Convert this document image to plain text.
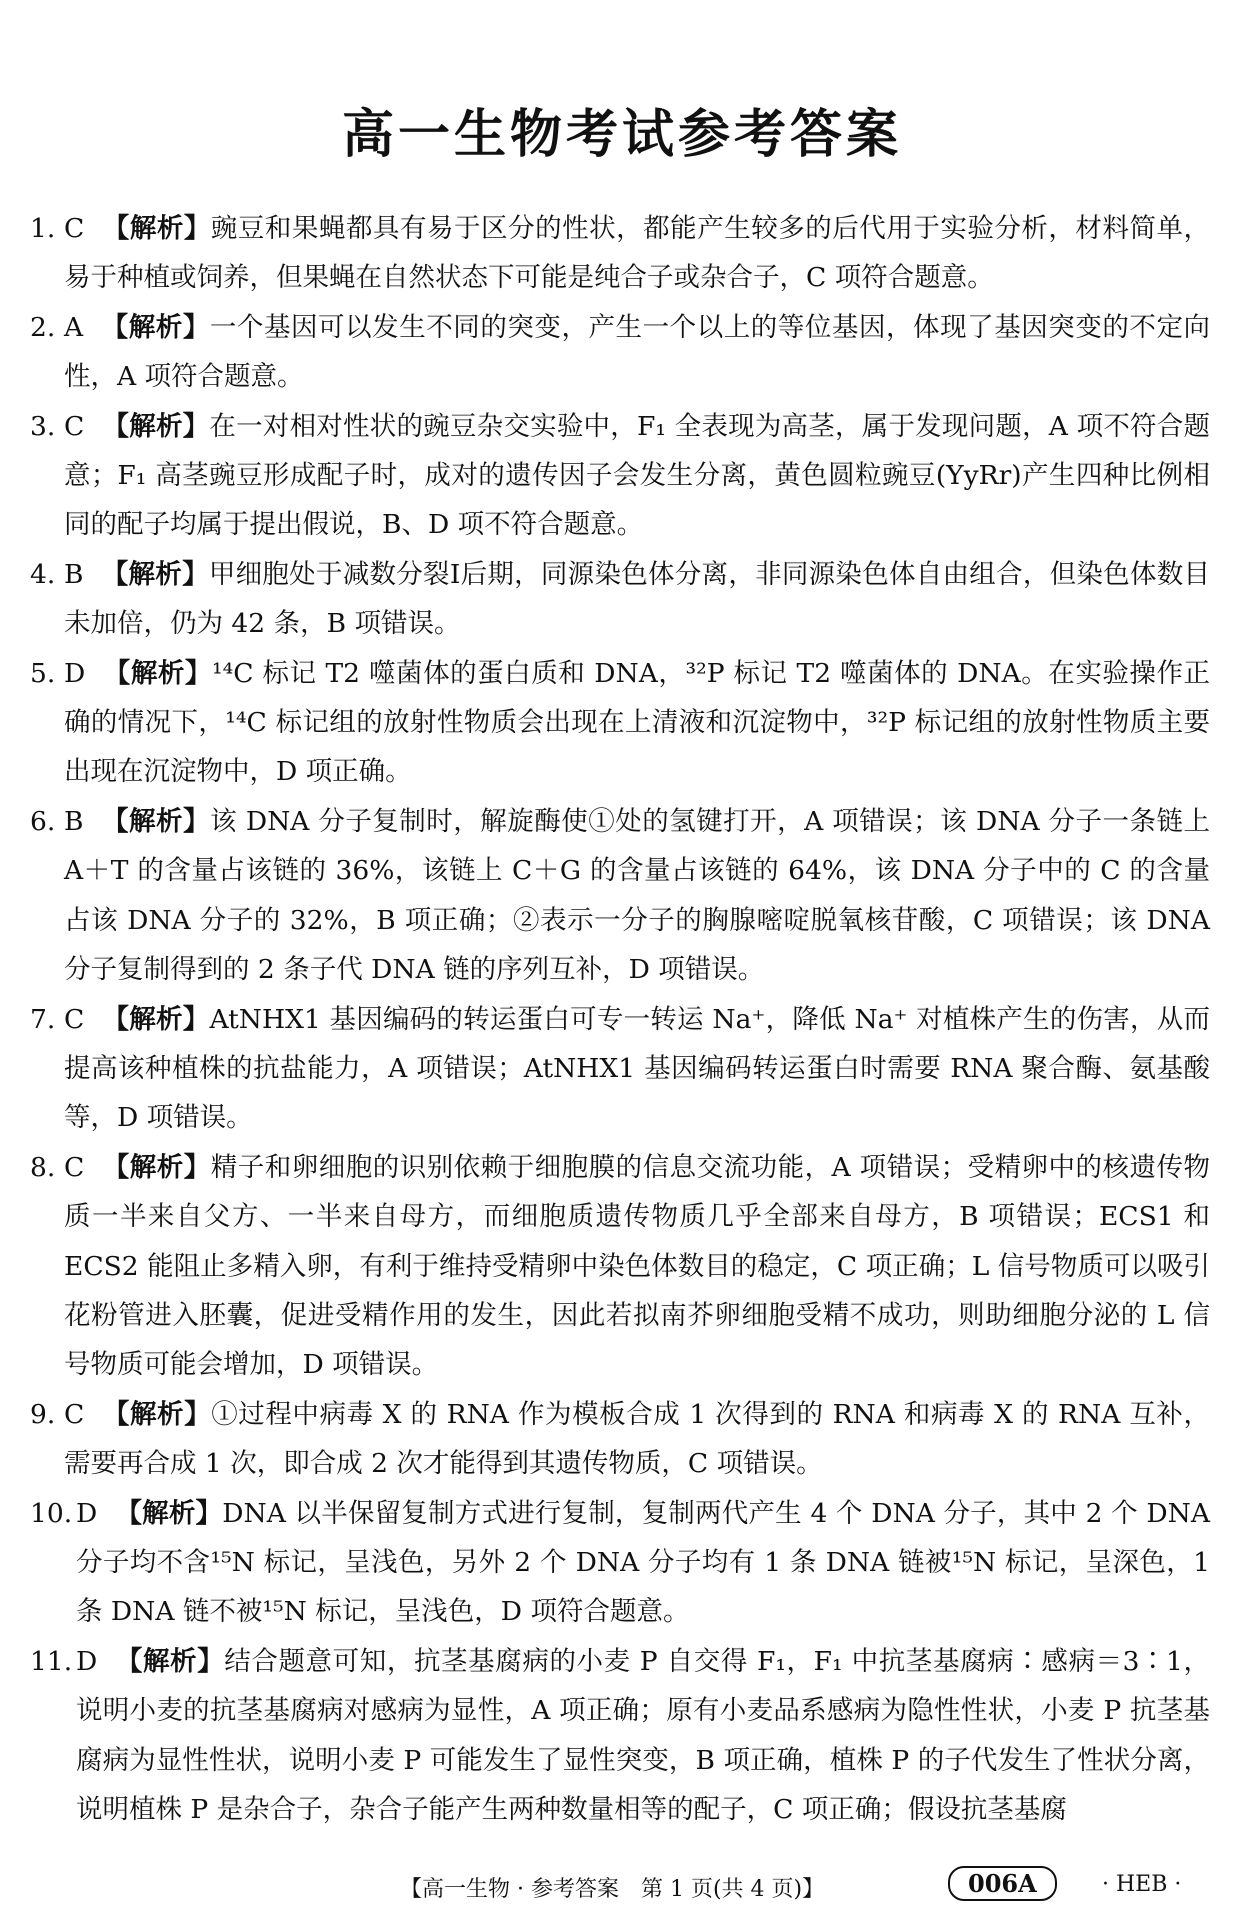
高一生物考试参考答案
1. C 【解析】豌豆和果蝇都具有易于区分的性状，都能产生较多的后代用于实验分析，材料简单，易于种植或饲养，但果蝇在自然状态下可能是纯合子或杂合子，C 项符合题意。
2. A 【解析】一个基因可以发生不同的突变，产生一个以上的等位基因，体现了基因突变的不定向性，A 项符合题意。
3. C 【解析】在一对相对性状的豌豆杂交实验中，F₁ 全表现为高茎，属于发现问题，A 项不符合题意；F₁ 高茎豌豆形成配子时，成对的遗传因子会发生分离，黄色圆粒豌豆(YyRr)产生四种比例相同的配子均属于提出假说，B、D 项不符合题意。
4. B 【解析】甲细胞处于减数分裂Ⅰ后期，同源染色体分离，非同源染色体自由组合，但染色体数目未加倍，仍为 42 条，B 项错误。
5. D 【解析】¹⁴C 标记 T2 噬菌体的蛋白质和 DNA，³²P 标记 T2 噬菌体的 DNA。在实验操作正确的情况下，¹⁴C 标记组的放射性物质会出现在上清液和沉淀物中，³²P 标记组的放射性物质主要出现在沉淀物中，D 项正确。
6. B 【解析】该 DNA 分子复制时，解旋酶使①处的氢键打开，A 项错误；该 DNA 分子一条链上 A＋T 的含量占该链的 36%，该链上 C＋G 的含量占该链的 64%，该 DNA 分子中的 C 的含量占该 DNA 分子的 32%，B 项正确；②表示一分子的胸腺嘧啶脱氧核苷酸，C 项错误；该 DNA 分子复制得到的 2 条子代 DNA 链的序列互补，D 项错误。
7. C 【解析】AtNHX1 基因编码的转运蛋白可专一转运 Na⁺，降低 Na⁺ 对植株产生的伤害，从而提高该种植株的抗盐能力，A 项错误；AtNHX1 基因编码转运蛋白时需要 RNA 聚合酶、氨基酸等，D 项错误。
8. C 【解析】精子和卵细胞的识别依赖于细胞膜的信息交流功能，A 项错误；受精卵中的核遗传物质一半来自父方、一半来自母方，而细胞质遗传物质几乎全部来自母方，B 项错误；ECS1 和 ECS2 能阻止多精入卵，有利于维持受精卵中染色体数目的稳定，C 项正确；L 信号物质可以吸引花粉管进入胚囊，促进受精作用的发生，因此若拟南芥卵细胞受精不成功，则助细胞分泌的 L 信号物质可能会增加，D 项错误。
9. C 【解析】①过程中病毒 X 的 RNA 作为模板合成 1 次得到的 RNA 和病毒 X 的 RNA 互补，需要再合成 1 次，即合成 2 次才能得到其遗传物质，C 项错误。
10. D 【解析】DNA 以半保留复制方式进行复制，复制两代产生 4 个 DNA 分子，其中 2 个 DNA 分子均不含¹⁵N 标记，呈浅色，另外 2 个 DNA 分子均有 1 条 DNA 链被¹⁵N 标记，呈深色，1 条 DNA 链不被¹⁵N 标记，呈浅色，D 项符合题意。
11. D 【解析】结合题意可知，抗茎基腐病的小麦 P 自交得 F₁，F₁ 中抗茎基腐病∶感病＝3∶1，说明小麦的抗茎基腐病对感病为显性，A 项正确；原有小麦品系感病为隐性性状，小麦 P 抗茎基腐病为显性性状，说明小麦 P 可能发生了显性突变，B 项正确，植株 P 的子代发生了性状分离，说明植株 P 是杂合子，杂合子能产生两种数量相等的配子，C 项正确；假设抗茎基腐
【高一生物 · 参考答案　第 1 页(共 4 页)】	006A	· HEB ·
